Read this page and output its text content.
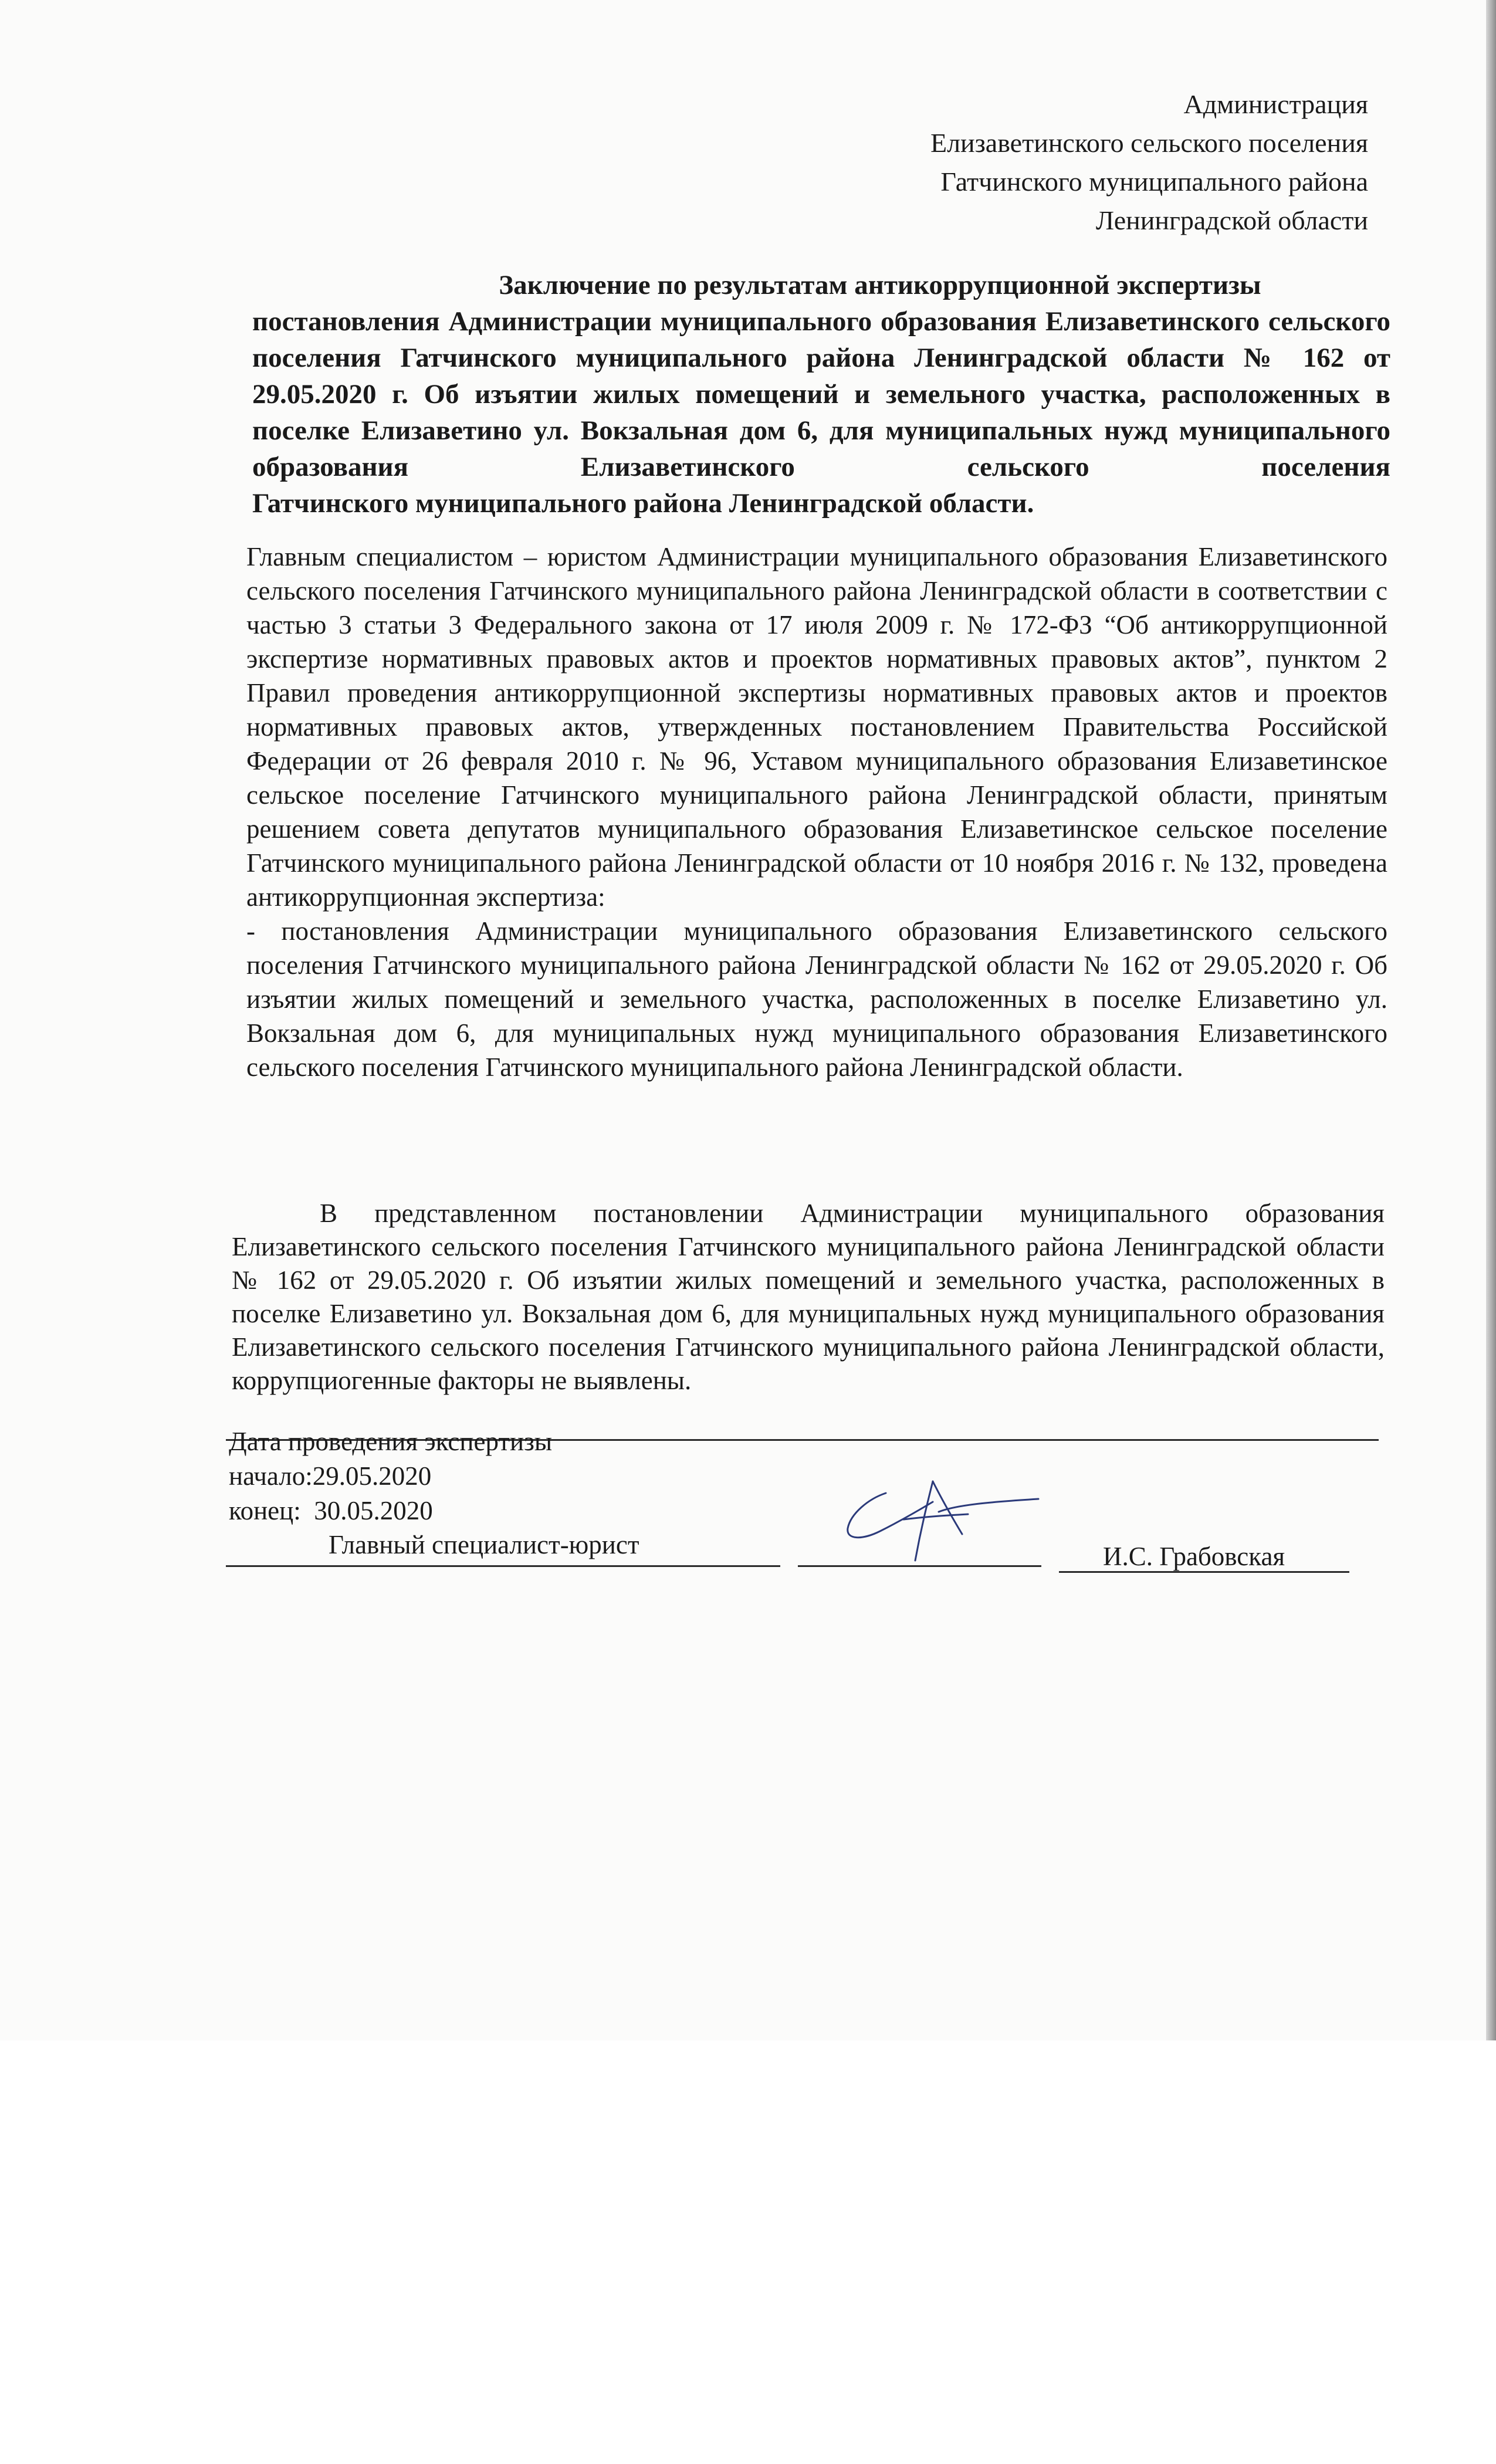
Администрация
Елизаветинского сельского поселения
Гатчинского муниципального района
Ленинградской области
Заключение по результатам антикоррупционной экспертизы
постановления Администрации муниципального образования Елизаветинского сельского поселения Гатчинского муниципального района Ленинградской области № 162 от 29.05.2020 г. Об изъятии жилых помещений и земельного участка, расположенных в поселке Елизаветино ул. Вокзальная дом 6, для муниципальных нужд муниципального образования Елизаветинского сельского поселения
Гатчинского муниципального района Ленинградской области.

Главным специалистом – юристом Администрации муниципального образования Елизаветинского сельского поселения Гатчинского муниципального района Ленинградской области в соответствии с частью 3 статьи 3 Федерального закона от 17 июля 2009 г. № 172-ФЗ “Об антикоррупционной экспертизе нормативных правовых актов и проектов нормативных правовых актов”, пунктом 2 Правил проведения антикоррупционной экспертизы нормативных правовых актов и проектов нормативных правовых актов, утвержденных постановлением Правительства Российской Федерации от 26 февраля 2010 г. № 96, Уставом муниципального образования Елизаветинское сельское поселение Гатчинского муниципального района Ленинградской области, принятым решением совета депутатов муниципального образования Елизаветинское сельское поселение Гатчинского муниципального района Ленинградской области от 10 ноября 2016 г. № 132, проведена антикоррупционная экспертиза:

- постановления Администрации муниципального образования Елизаветинского сельского поселения Гатчинского муниципального района Ленинградской области № 162 от 29.05.2020 г. Об изъятии жилых помещений и земельного участка, расположенных в поселке Елизаветино ул. Вокзальная дом 6, для муниципальных нужд муниципального образования Елизаветинского сельского поселения Гатчинского муниципального района Ленинградской области.

В представленном постановлении Администрации муниципального образования Елизаветинского сельского поселения Гатчинского муниципального района Ленинградской области № 162 от 29.05.2020 г. Об изъятии жилых помещений и земельного участка, расположенных в поселке Елизаветино ул. Вокзальная дом 6, для муниципальных нужд муниципального образования Елизаветинского сельского поселения Гатчинского муниципального района Ленинградской области, коррупциогенные факторы не выявлены.
Дата проведения экспертизы
начало:29.05.2020
конец:  30.05.2020
Главный специалист-юрист	И.С. Грабовская
